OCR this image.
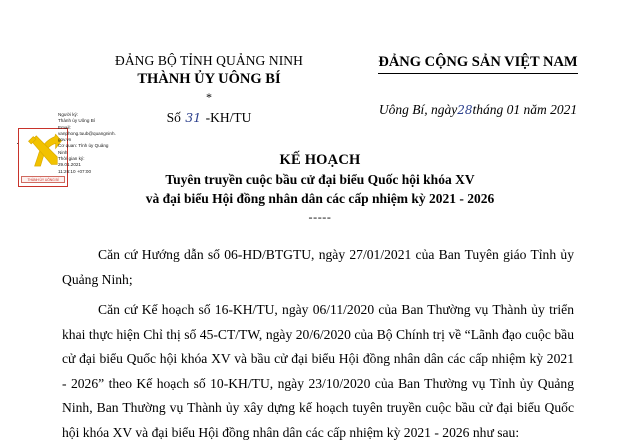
ĐẢNG BỘ TỈNH QUẢNG NINH
THÀNH ỦY UÔNG BÍ
*
Số 31 -KH/TU
ĐẢNG CỘNG SẢN VIỆT NAM
Uông Bí, ngày28tháng 01 năm 2021
THÀNH ỦY UÔNG BÍ
Người ký:
Thành ủy Uông Bí
Email:
vanphong.tuub@quangninh.gov.vn
Cơ quan: Tỉnh ủy Quảng Ninh
Thời gian ký:
29.01.2021
11:26:10 +07:00
KẾ HOẠCH
Tuyên truyền cuộc bầu cử đại biểu Quốc hội khóa XV
và đại biểu Hội đồng nhân dân các cấp nhiệm kỳ 2021 - 2026
-----

Căn cứ Hướng dẫn số 06-HD/BTGTU, ngày 27/01/2021 của Ban Tuyên giáo Tỉnh ủy Quảng Ninh;

Căn cứ Kế hoạch số 16-KH/TU, ngày 06/11/2020 của Ban Thường vụ Thành ủy triển khai thực hiện Chỉ thị số 45-CT/TW, ngày 20/6/2020 của Bộ Chính trị về “Lãnh đạo cuộc bầu cử đại biểu Quốc hội khóa XV và bầu cử đại biểu Hội đồng nhân dân các cấp nhiệm kỳ 2021 - 2026” theo Kế hoạch số 10-KH/TU, ngày 23/10/2020 của Ban Thường vụ Tỉnh ủy Quảng Ninh, Ban Thường vụ Thành ủy xây dựng kế hoạch tuyên truyền cuộc bầu cử đại biểu Quốc hội khóa XV và đại biểu Hội đồng nhân dân các cấp nhiệm kỳ 2021 - 2026 như sau:
